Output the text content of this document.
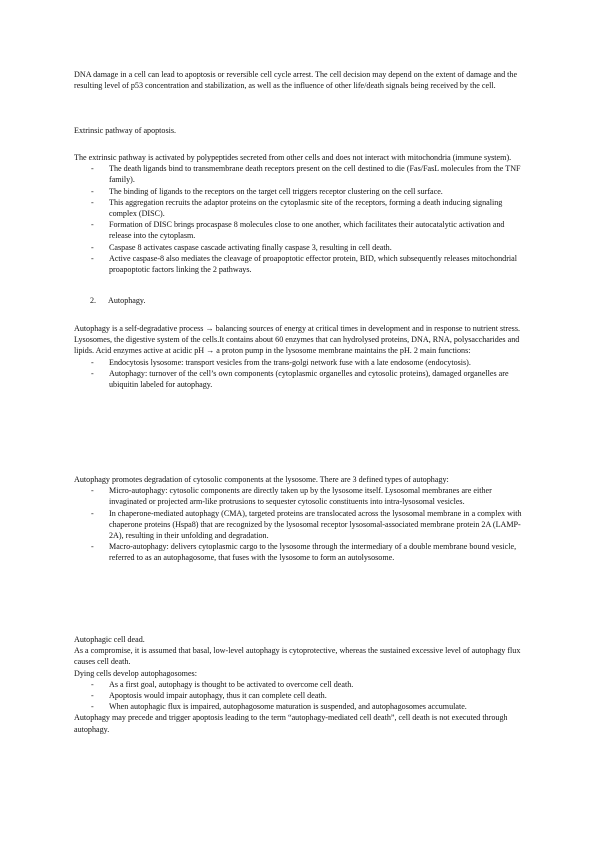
DNA damage in a cell can lead to apoptosis or reversible cell cycle arrest. The cell decision may depend on the extent of damage and the resulting level of p53 concentration and stabilization, as well as the influence of other life/death signals being received by the cell.

Extrinsic pathway of apoptosis.

The extrinsic pathway is activated by polypeptides secreted from other cells and does not interact with mitochondria (immune system).

- The death ligands bind to transmembrane death receptors present on the cell destined to die (Fas/FasL molecules from the TNF family).
- The binding of ligands to the receptors on the target cell triggers receptor clustering on the cell surface.
- This aggregation recruits the adaptor proteins on the cytoplasmic site of the receptors, forming a death inducing signaling complex (DISC).
- Formation of DISC brings procaspase 8 molecules close to one another, which facilitates their autocatalytic activation and release into the cytoplasm.
- Caspase 8 activates caspase cascade activating finally caspase 3, resulting in cell death.
- Active caspase-8 also mediates the cleavage of proapoptotic effector protein, BID, which subsequently releases mitochondrial proapoptotic factors linking the 2 pathways.

2. Autophagy.

Autophagy is a self-degradative process → balancing sources of energy at critical times in development and in response to nutrient stress. Lysosomes, the digestive system of the cells.It contains about 60 enzymes that can hydrolysed proteins, DNA, RNA, polysaccharides and lipids. Acid enzymes active at acidic pH → a proton pump in the lysosome membrane maintains the pH. 2 main functions:

- Endocytosis lysosome: transport vesicles from the trans-golgi network fuse with a late endosome (endocytosis).
- Autophagy: turnover of the cell’s own components (cytoplasmic organelles and cytosolic proteins), damaged organelles are ubiquitin labeled for autophagy.

Autophagy promotes degradation of cytosolic components at the lysosome. There are 3 defined types of autophagy:

- Micro-autophagy: cytosolic components are directly taken up by the lysosome itself. Lysosomal membranes are either invaginated or projected arm-like protrusions to sequester cytosolic constituents into intra-lysosomal vesicles.
- In chaperone-mediated autophagy (CMA), targeted proteins are translocated across the lysosomal membrane in a complex with chaperone proteins (Hspa8) that are recognized by the lysosomal receptor lysosomal-associated membrane protein 2A (LAMP-2A), resulting in their unfolding and degradation.
- Macro-autophagy: delivers cytoplasmic cargo to the lysosome through the intermediary of a double membrane bound vesicle, referred to as an autophagosome, that fuses with the lysosome to form an autolysosome.

Autophagic cell dead.

As a compromise, it is assumed that basal, low-level autophagy is cytoprotective, whereas the sustained excessive level of autophagy flux causes cell death.

Dying cells develop autophagosomes:

- As a first goal, autophagy is thought to be activated to overcome cell death.
- Apoptosis would impair autophagy, thus it can complete cell death.
- When autophagic flux is impaired, autophagosome maturation is suspended, and autophagosomes accumulate.

Autophagy may precede and trigger apoptosis leading to the term “autophagy-mediated cell death”, cell death is not executed through autophagy.
